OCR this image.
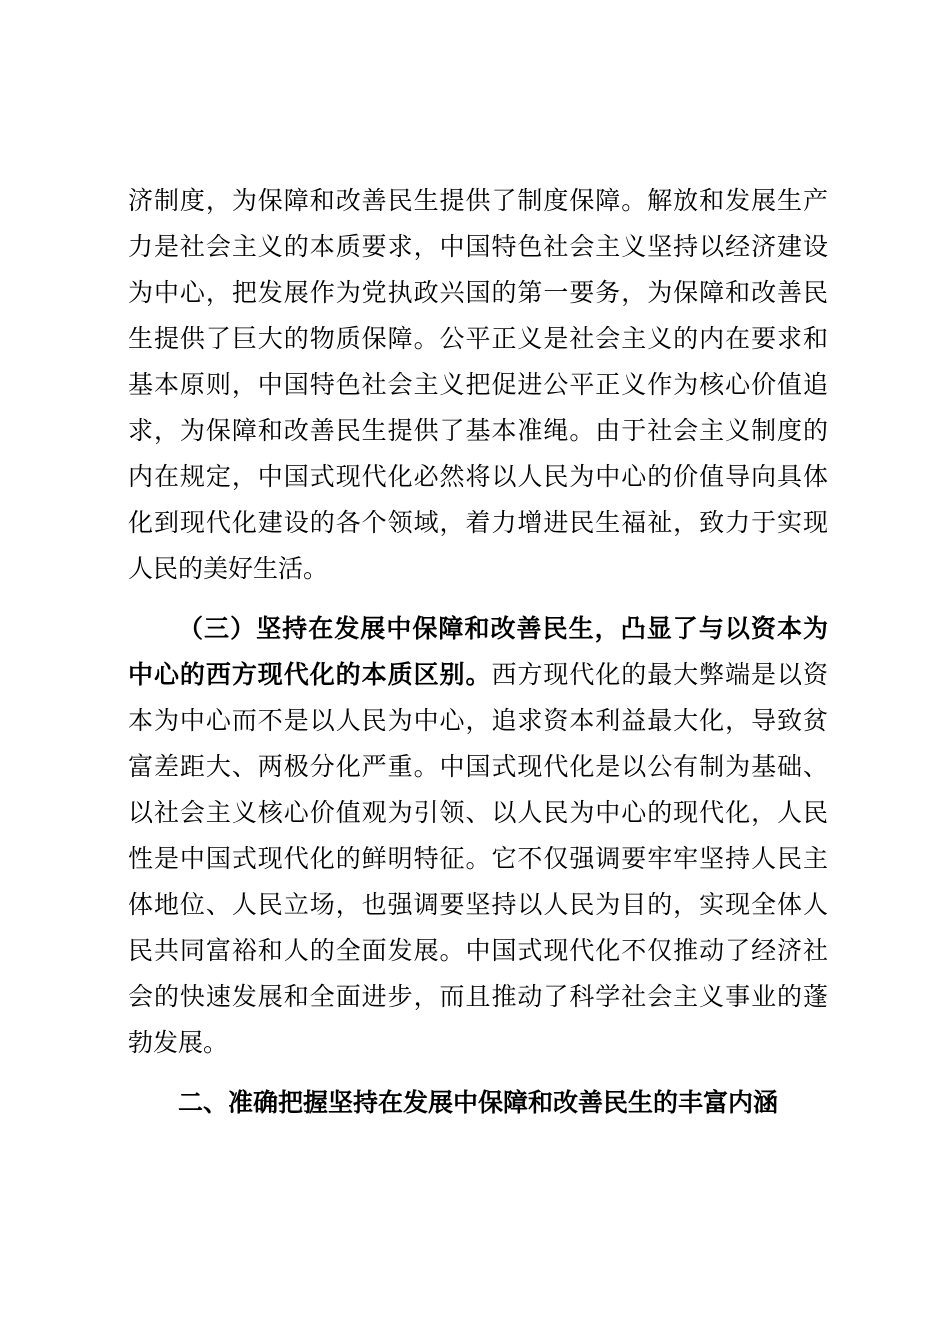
济制度，为保障和改善民生提供了制度保障。解放和发展生产
力是社会主义的本质要求，中国特色社会主义坚持以经济建设
为中心，把发展作为党执政兴国的第一要务，为保障和改善民
生提供了巨大的物质保障。公平正义是社会主义的内在要求和
基本原则，中国特色社会主义把促进公平正义作为核心价值追
求，为保障和改善民生提供了基本准绳。由于社会主义制度的
内在规定，中国式现代化必然将以人民为中心的价值导向具体
化到现代化建设的各个领域，着力增进民生福祉，致力于实现
人民的美好生活。
（三）坚持在发展中保障和改善民生，凸显了与以资本为
中心的西方现代化的本质区别。西方现代化的最大弊端是以资
本为中心而不是以人民为中心，追求资本利益最大化，导致贫
富差距大、两极分化严重。中国式现代化是以公有制为基础、
以社会主义核心价值观为引领、以人民为中心的现代化，人民
性是中国式现代化的鲜明特征。它不仅强调要牢牢坚持人民主
体地位、人民立场，也强调要坚持以人民为目的，实现全体人
民共同富裕和人的全面发展。中国式现代化不仅推动了经济社
会的快速发展和全面进步，而且推动了科学社会主义事业的蓬
勃发展。
二、准确把握坚持在发展中保障和改善民生的丰富内涵
